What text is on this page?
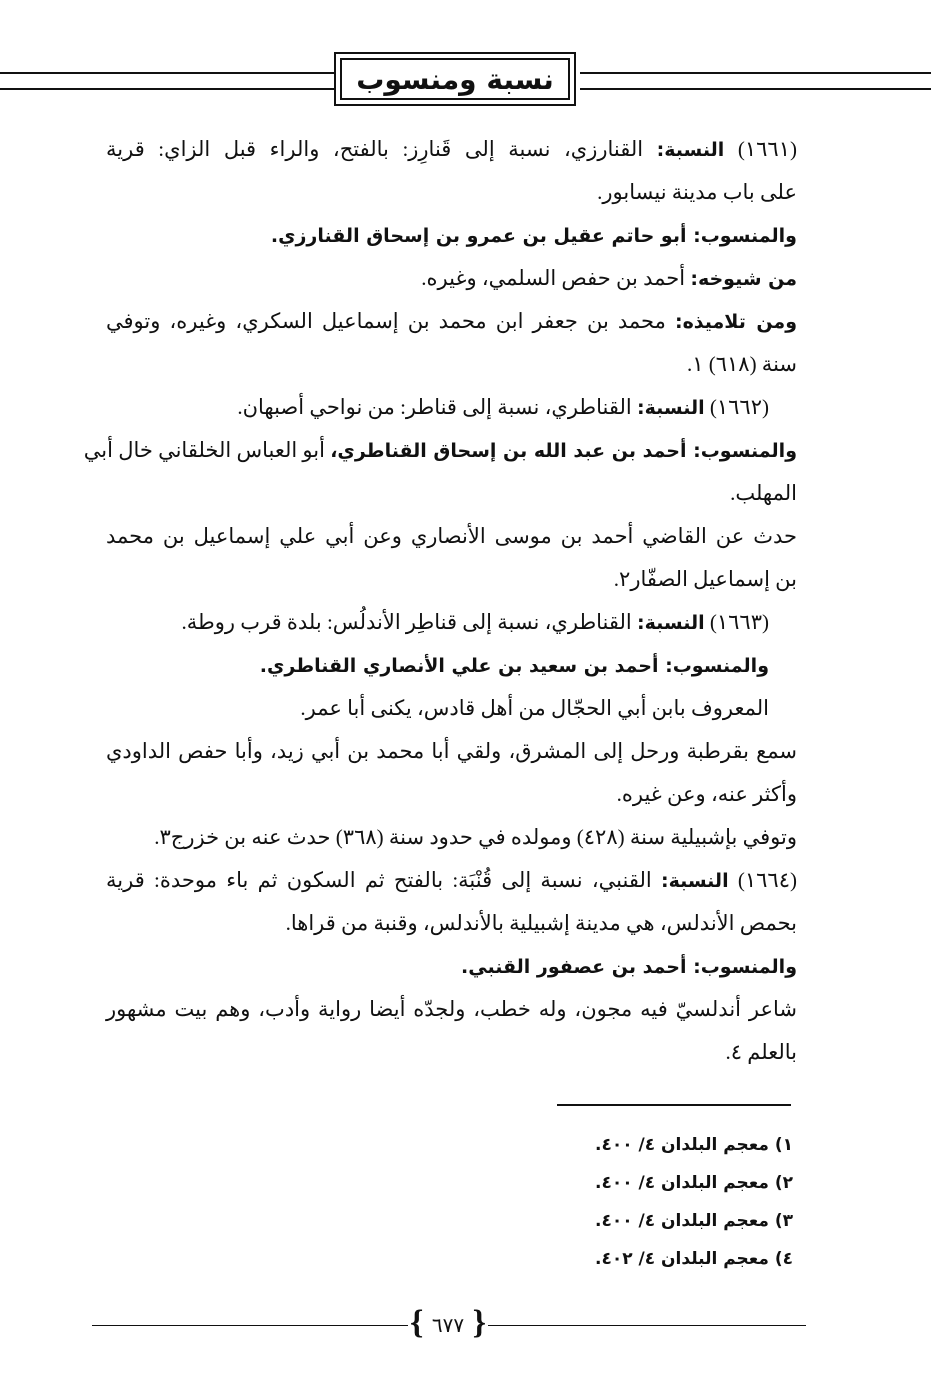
نسبة ومنسوب
(١٦٦١) النسبة: القنارزي، نسبة إلى قَنارِز: بالفتح، والراء قبل الزاي: قرية
على باب مدينة نيسابور.
والمنسوب: أبو حاتم عقيل بن عمرو بن إسحاق القنارزي.
من شيوخه: أحمد بن حفص السلمي، وغيره.
ومن تلاميذه: محمد بن جعفر ابن محمد بن إسماعيل السكري، وغيره، وتوفي
سنة (٦١٨) ١.
(١٦٦٢) النسبة: القناطري، نسبة إلى قناطر: من نواحي أصبهان.
والمنسوب: أحمد بن عبد الله بن إسحاق القناطري، أبو العباس الخلقاني خال أبي
المهلب.
حدث عن القاضي أحمد بن موسى الأنصاري وعن أبي علي إسماعيل بن محمد
بن إسماعيل الصفّار٢.
(١٦٦٣) النسبة: القناطري، نسبة إلى قناطِر الأندلُس: بلدة قرب روطة.
والمنسوب: أحمد بن سعيد بن علي الأنصاري القناطري.
المعروف بابن أبي الحجّال من أهل قادس، يكنى أبا عمر.
سمع بقرطبة ورحل إلى المشرق، ولقي أبا محمد بن أبي زيد، وأبا حفص الداودي
وأكثر عنه، وعن غيره.
وتوفي بإشبيلية سنة (٤٢٨) ومولده في حدود سنة (٣٦٨) حدث عنه بن خزرج٣.
(١٦٦٤) النسبة: القنبي، نسبة إلى قُنْبَة: بالفتح ثم السكون ثم باء موحدة: قرية
بحمص الأندلس، هي مدينة إشبيلية بالأندلس، وقنبة من قراها.
والمنسوب: أحمد بن عصفور القنبي.
شاعر أندلسيّ فيه مجون، وله خطب، ولجدّه أيضا رواية وأدب، وهم بيت مشهور
بالعلم ٤.
١) معجم البلدان ٤/ ٤٠٠.
٢) معجم البلدان ٤/ ٤٠٠.
٣) معجم البلدان ٤/ ٤٠٠.
٤) معجم البلدان ٤/ ٤٠٢.
} ٦٧٧ {
